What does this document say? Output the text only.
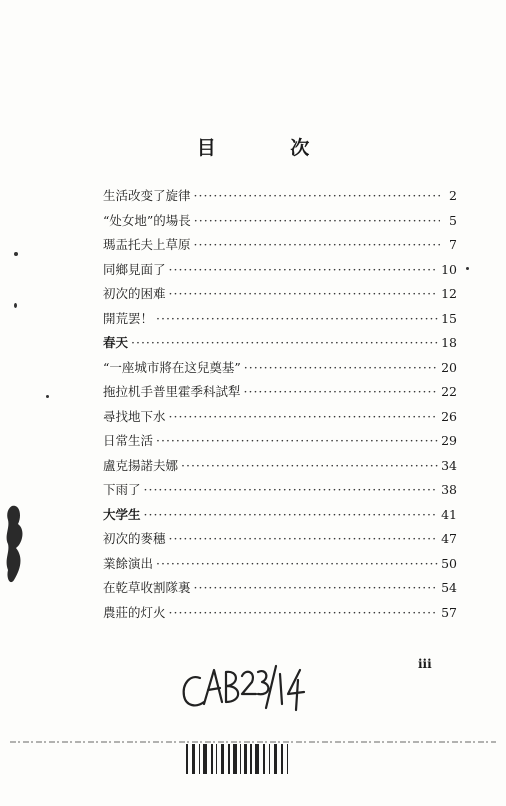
目 次
生活改变了旋律 ·····	2
“处女地”的場長 ·····	5
瑪盂托夫上草原 ·····	7
同鄉見面了 ·····	10
初次的困难 ·····	12
開荒罢！ ·····	15
春天 ·····	18
“一座城市將在这兒奠基” ·····	20
拖拉机手普里霍季科試犁 ·····	22
尋找地下水 ·····	26
日常生活 ·····	29
盧克揚諾夫娜 ·····	34
下雨了 ·····	38
大学生 ·····	41
初次的麥穗 ·····	47
業餘演出 ·····	50
在乾草收割隊裏 ·····	54
農莊的灯火 ·····	57
iii
